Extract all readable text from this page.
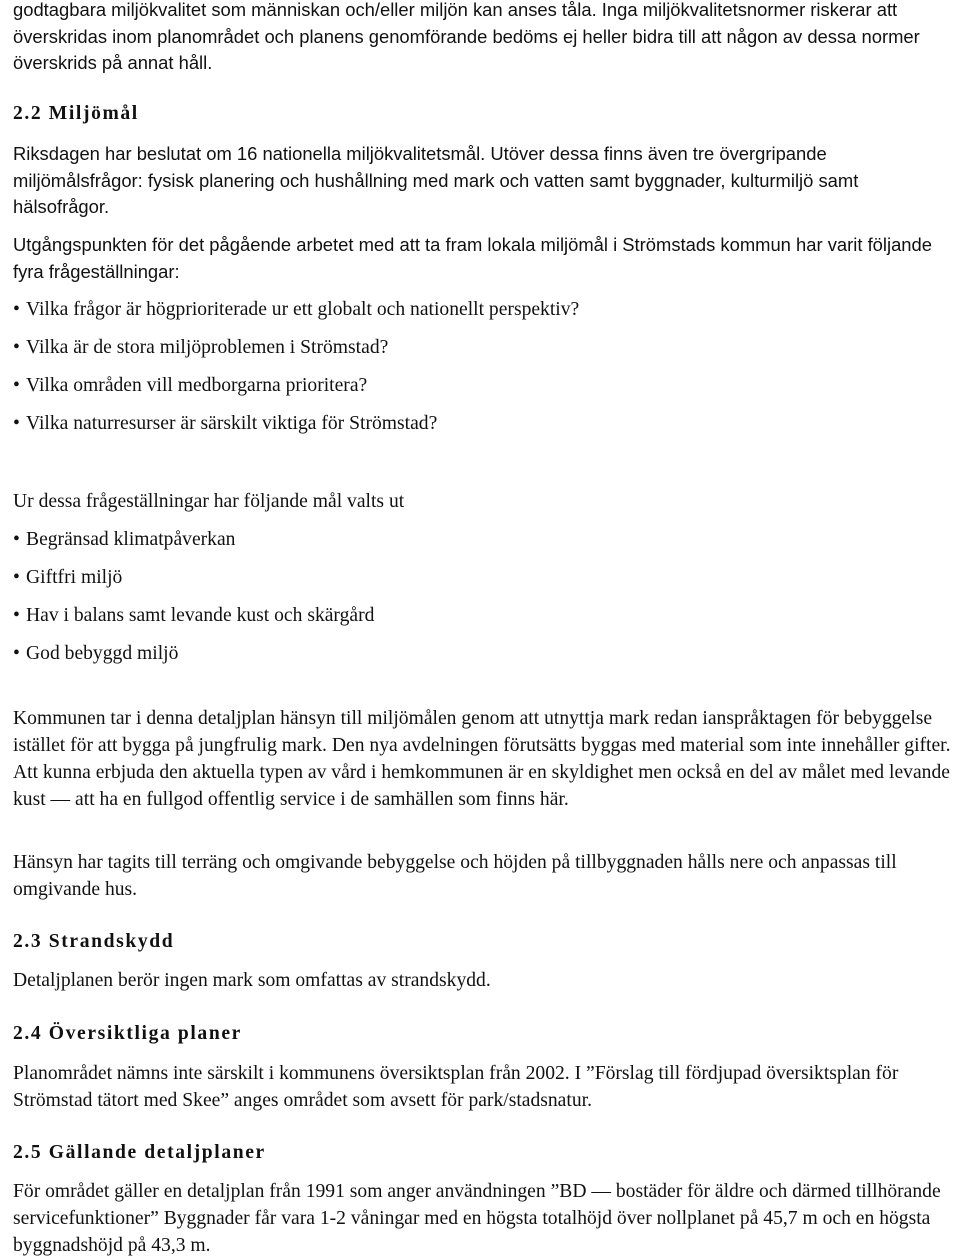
godtagbara miljökvalitet som människan och/eller miljön kan anses tåla. Inga miljökvalitetsnormer riskerar att överskridas inom planområdet och planens genomförande bedöms ej heller bidra till att någon av dessa normer överskrids på annat håll.

2.2 Miljömål

Riksdagen har beslutat om 16 nationella miljökvalitetsmål. Utöver dessa finns även tre övergripande miljömålsfrågor: fysisk planering och hushållning med mark och vatten samt byggnader, kulturmiljö samt hälsofrågor.

Utgångspunkten för det pågående arbetet med att ta fram lokala miljömål i Strömstads kommun har varit följande fyra frågeställningar:

• Vilka frågor är högprioriterade ur ett globalt och nationellt perspektiv?
• Vilka är de stora miljöproblemen i Strömstad?
• Vilka områden vill medborgarna prioritera?
• Vilka naturresurser är särskilt viktiga för Strömstad?

Ur dessa frågeställningar har följande mål valts ut

• Begränsad klimatpåverkan
• Giftfri miljö
• Hav i balans samt levande kust och skärgård
• God bebyggd miljö

Kommunen tar i denna detaljplan hänsyn till miljömålen genom att utnyttja mark redan ianspråktagen för bebyggelse istället för att bygga på jungfrulig mark. Den nya avdelningen förutsätts byggas med material som inte innehåller gifter. Att kunna erbjuda den aktuella typen av vård i hemkommunen är en skyldighet men också en del av målet med levande kust — att ha en fullgod offentlig service i de samhällen som finns här.

Hänsyn har tagits till terräng och omgivande bebyggelse och höjden på tillbyggnaden hålls nere och anpassas till omgivande hus.

2.3 Strandskydd

Detaljplanen berör ingen mark som omfattas av strandskydd.

2.4 Översiktliga planer

Planområdet nämns inte särskilt i kommunens översiktsplan från 2002. I ”Förslag till fördjupad översiktsplan för Strömstad tätort med Skee” anges området som avsett för park/stadsnatur.

2.5 Gällande detaljplaner

För området gäller en detaljplan från 1991 som anger användningen ”BD — bostäder för äldre och därmed tillhörande servicefunktioner” Byggnader får vara 1-2 våningar med en högsta totalhöjd över nollplanet på 45,7 m och en högsta byggnadshöjd på 43,3 m.
